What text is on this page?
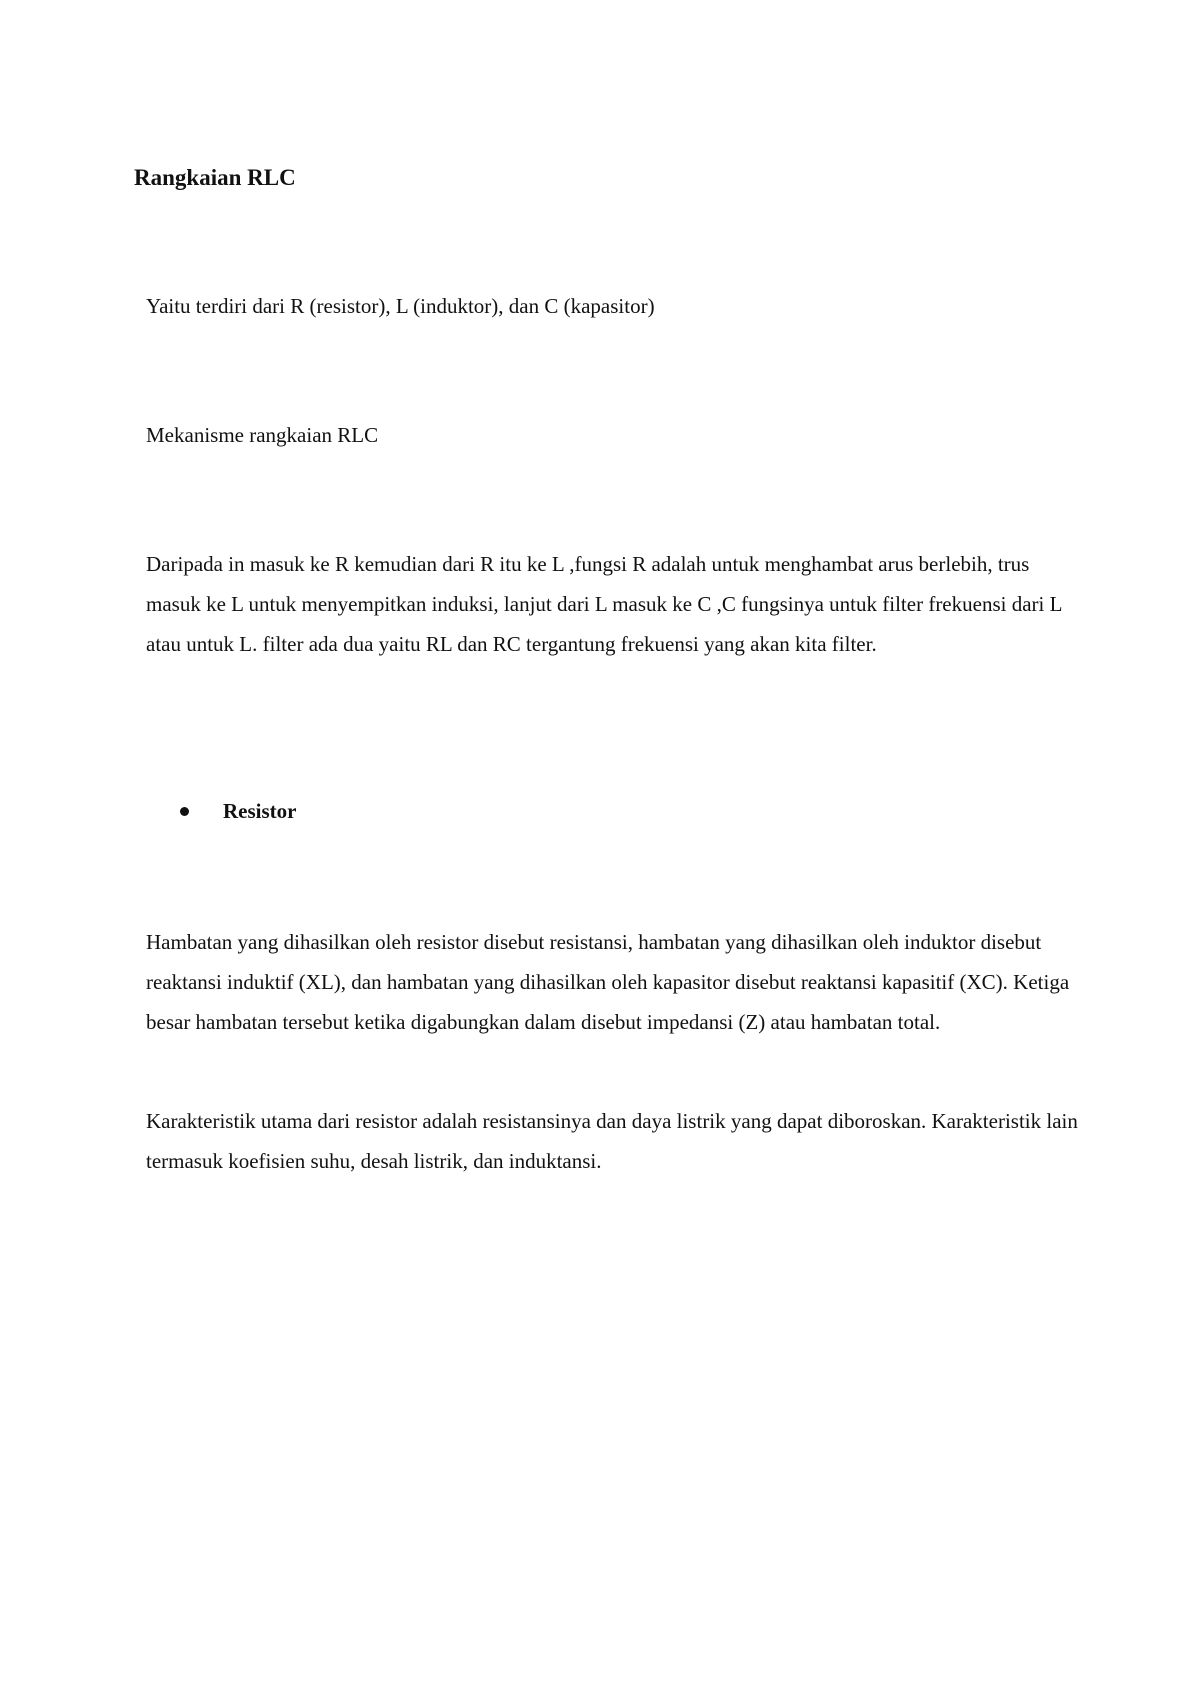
Rangkaian RLC
Yaitu terdiri dari R (resistor), L (induktor), dan C (kapasitor)
Mekanisme rangkaian RLC
Daripada in masuk ke R kemudian dari R itu ke L ,fungsi R adalah untuk menghambat arus berlebih, trus masuk ke L untuk menyempitkan induksi, lanjut dari L masuk ke C ,C fungsinya untuk filter frekuensi dari L atau untuk L. filter ada dua yaitu RL dan RC tergantung frekuensi yang akan kita filter.
Resistor
Hambatan yang dihasilkan oleh resistor disebut resistansi, hambatan yang dihasilkan oleh induktor disebut reaktansi induktif (XL), dan hambatan yang dihasilkan oleh kapasitor disebut reaktansi kapasitif (XC). Ketiga besar hambatan tersebut ketika digabungkan dalam disebut impedansi (Z) atau hambatan total.
Karakteristik utama dari resistor adalah resistansinya dan daya listrik yang dapat diboroskan. Karakteristik lain termasuk koefisien suhu, desah listrik, dan induktansi.
